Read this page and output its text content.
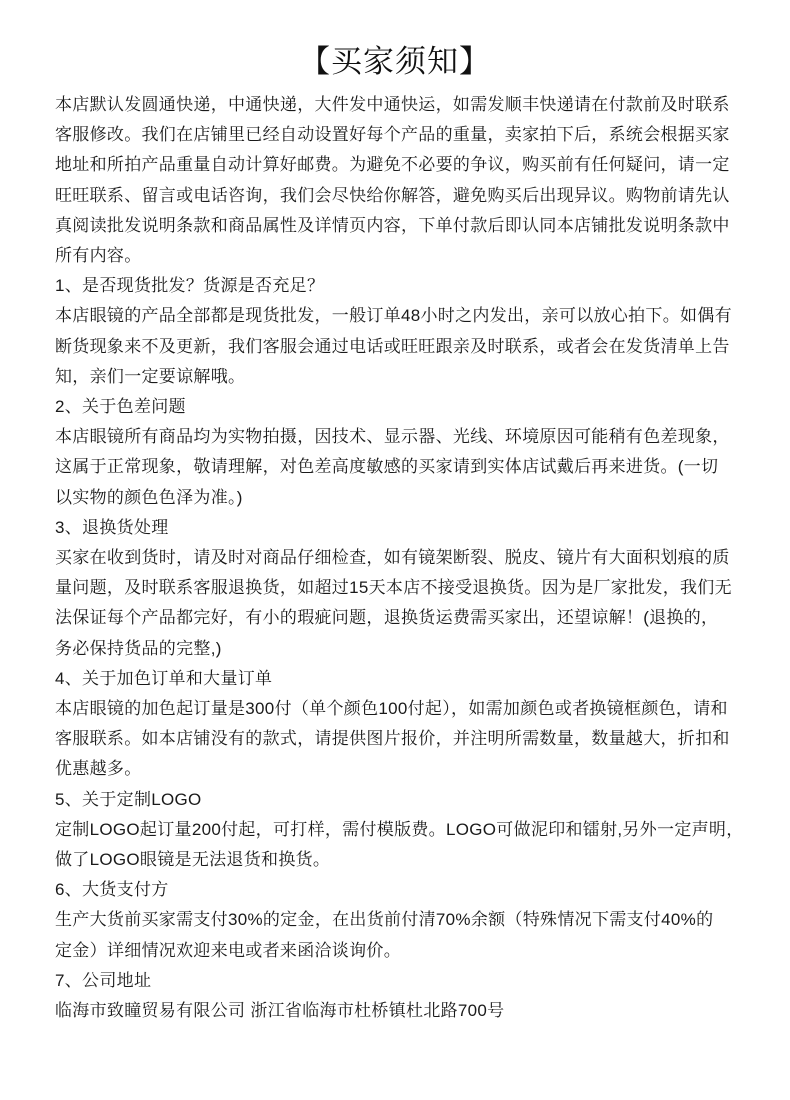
【买家须知】
本店默认发圆通快递，中通快递，大件发中通快运，如需发顺丰快递请在付款前及时联系
客服修改。我们在店铺里已经自动设置好每个产品的重量，卖家拍下后，系统会根据买家
地址和所拍产品重量自动计算好邮费。为避免不必要的争议，购买前有任何疑问，请一定
旺旺联系、留言或电话咨询，我们会尽快给你解答，避免购买后出现异议。购物前请先认
真阅读批发说明条款和商品属性及详情页内容，下单付款后即认同本店铺批发说明条款中
所有内容。
1、是否现货批发？货源是否充足？
本店眼镜的产品全部都是现货批发，一般订单48小时之内发出，亲可以放心拍下。如偶有
断货现象来不及更新，我们客服会通过电话或旺旺跟亲及时联系，或者会在发货清单上告
知，亲们一定要谅解哦。
2、关于色差问题
本店眼镜所有商品均为实物拍摄，因技术、显示器、光线、环境原因可能稍有色差现象，
这属于正常现象，敬请理解，对色差高度敏感的买家请到实体店试戴后再来进货。(一切
以实物的颜色色泽为准。)
3、退换货处理
买家在收到货时，请及时对商品仔细检查，如有镜架断裂、脱皮、镜片有大面积划痕的质
量问题，及时联系客服退换货，如超过15天本店不接受退换货。因为是厂家批发，我们无
法保证每个产品都完好，有小的瑕疵问题，退换货运费需买家出，还望谅解！(退换的，
务必保持货品的完整,)
4、关于加色订单和大量订单
本店眼镜的加色起订量是300付（单个颜色100付起），如需加颜色或者换镜框颜色，请和
客服联系。如本店铺没有的款式，请提供图片报价，并注明所需数量，数量越大，折扣和
优惠越多。
5、关于定制LOGO
定制LOGO起订量200付起，可打样，需付模版费。LOGO可做泥印和镭射,另外一定声明，
做了LOGO眼镜是无法退货和换货。
6、大货支付方
生产大货前买家需支付30%的定金，在出货前付清70%余额（特殊情况下需支付40%的
定金）详细情况欢迎来电或者来函洽谈询价。
7、公司地址
临海市致瞳贸易有限公司 浙江省临海市杜桥镇杜北路700号
